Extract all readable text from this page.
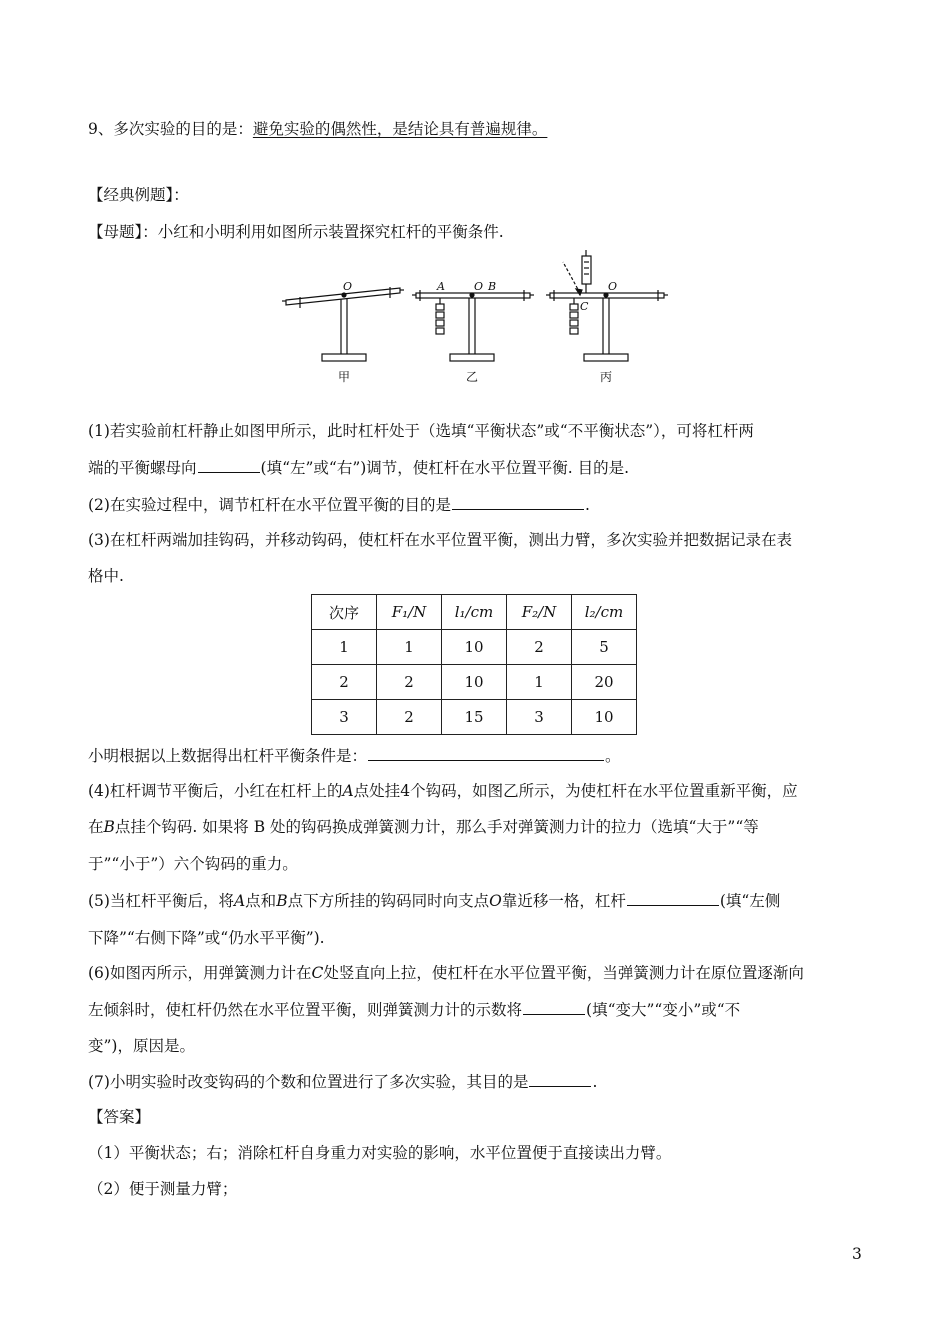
9、多次实验的目的是：避免实验的偶然性，是结论具有普遍规律。
【经典例题】：
【母题】：小红和小明利用如图所示装置探究杠杆的平衡条件.
O	A	O B	O
C
甲	乙	丙
(1)若实验前杠杆静止如图甲所示，此时杠杆处于（选填“平衡状态”或“不平衡状态”），可将杠杆两
端的平衡螺母向	(填“左”或“右”)调节，使杠杆在水平位置平衡. 目的是.
(2)在实验过程中，调节杠杆在水平位置平衡的目的是	.
(3)在杠杆两端加挂钩码，并移动钩码，使杠杆在水平位置平衡，测出力臂，多次实验并把数据记录在表
格中.
次序	F₁/N	l₁/cm	F₂/N	l₂/cm
1	1	10	2	5
2	2	10	1	20
3	2	15	3	10
小明根据以上数据得出杠杆平衡条件是：	。
(4)杠杆调节平衡后，小红在杠杆上的A点处挂4个钩码，如图乙所示，为使杠杆在水平位置重新平衡，应
在B点挂个钩码. 如果将 B 处的钩码换成弹簧测力计，那么手对弹簧测力计的拉力（选填“大于”“等
于”“小于”）六个钩码的重力。
(5)当杠杆平衡后，将A点和B点下方所挂的钩码同时向支点O靠近移一格，杠杆	(填“左侧
下降”“右侧下降”或“仍水平平衡”).
(6)如图丙所示，用弹簧测力计在C处竖直向上拉，使杠杆在水平位置平衡，当弹簧测力计在原位置逐渐向
左倾斜时，使杠杆仍然在水平位置平衡，则弹簧测力计的示数将	(填“变大”“变小”或“不
变”)，原因是。
(7)小明实验时改变钩码的个数和位置进行了多次实验，其目的是	.
【答案】
（1）平衡状态；右；消除杠杆自身重力对实验的影响，水平位置便于直接读出力臂。
（2）便于测量力臂；
3
